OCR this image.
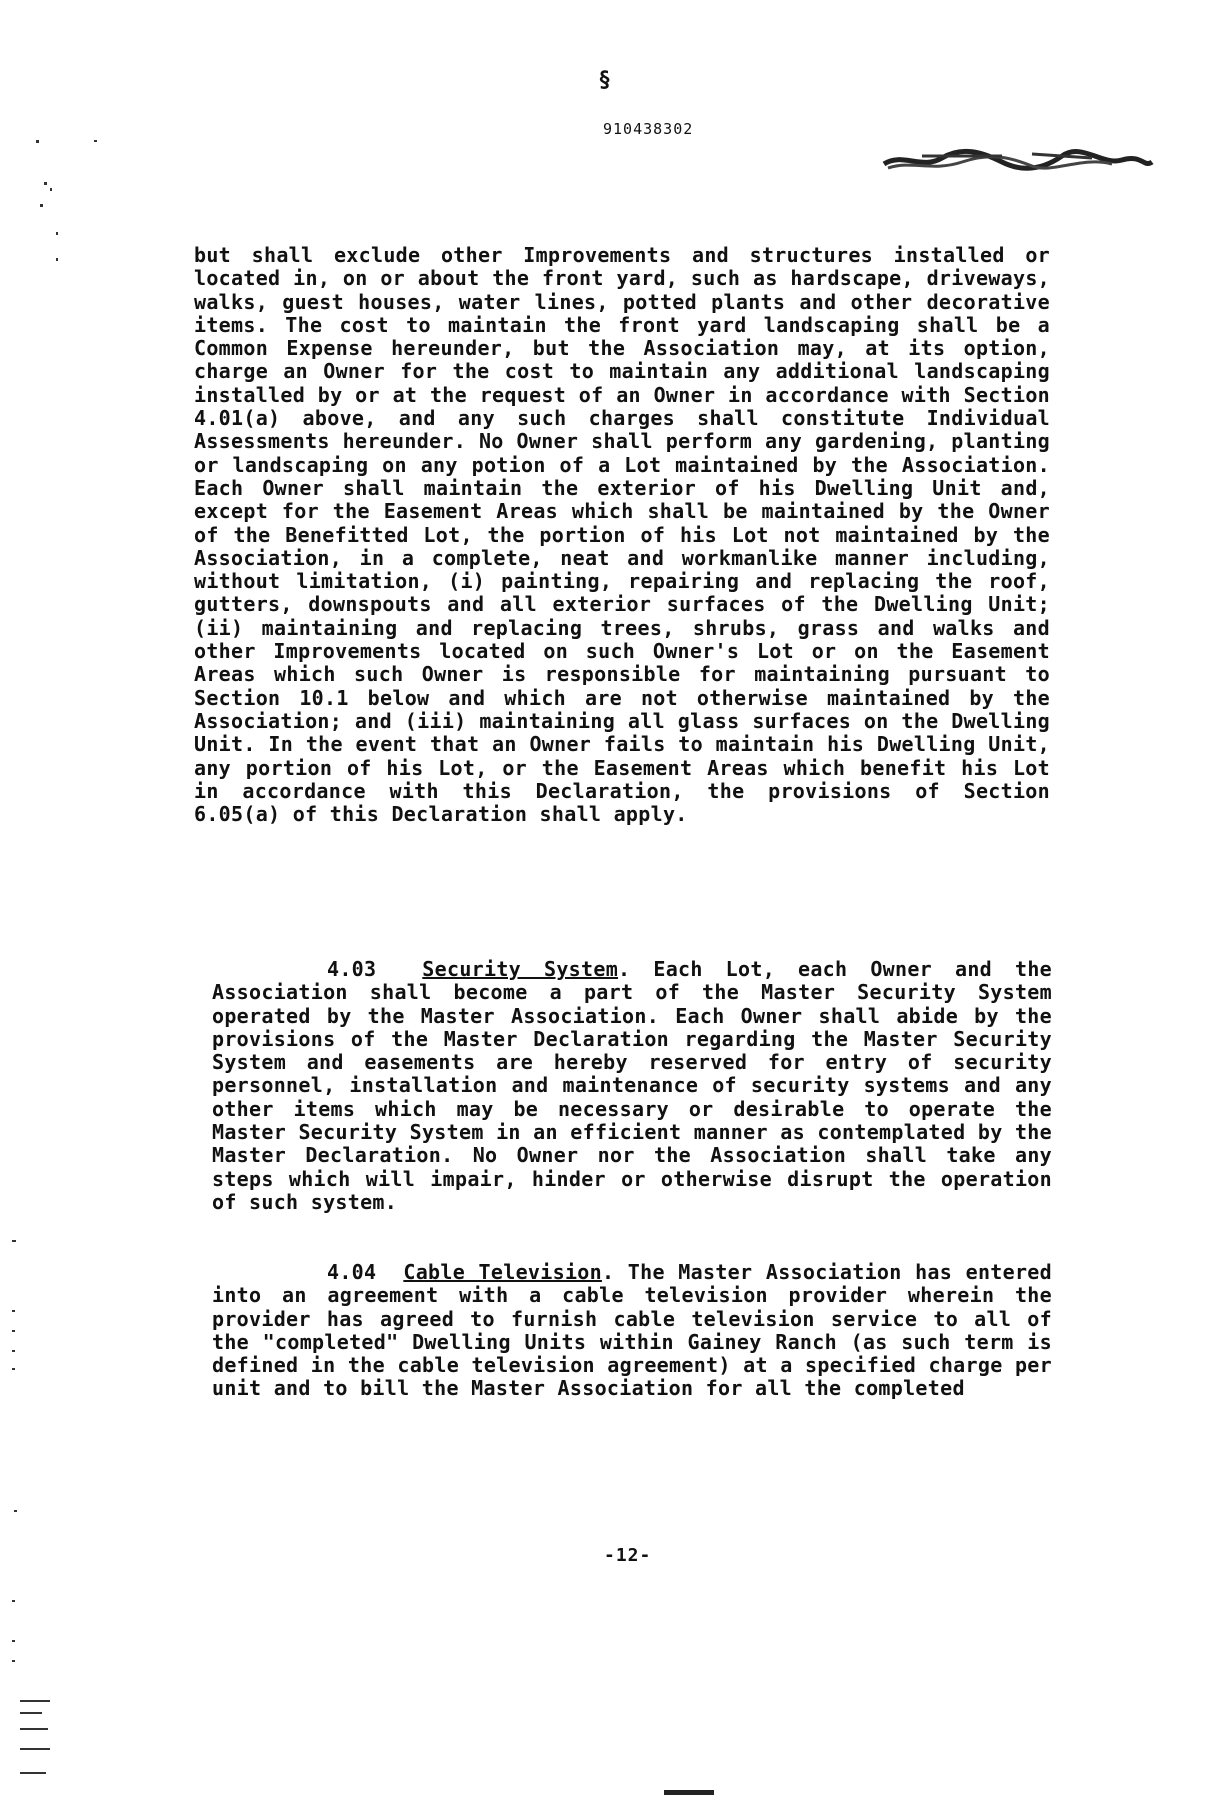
§
910438302
but shall exclude other Improvements and structures installed or located in, on or about the front yard, such as hardscape, driveways, walks, guest houses, water lines, potted plants and other decorative items. The cost to maintain the front yard landscaping shall be a Common Expense hereunder, but the Association may, at its option, charge an Owner for the cost to maintain any additional landscaping installed by or at the request of an Owner in accordance with Section 4.01(a) above, and any such charges shall constitute Individual Assessments hereunder. No Owner shall perform any gardening, planting or landscaping on any potion of a Lot maintained by the Association. Each Owner shall maintain the exterior of his Dwelling Unit and, except for the Easement Areas which shall be maintained by the Owner of the Benefitted Lot, the portion of his Lot not maintained by the Association, in a complete, neat and workmanlike manner including, without limitation, (i) painting, repairing and replacing the roof, gutters, downspouts and all exterior surfaces of the Dwelling Unit; (ii) maintaining and replacing trees, shrubs, grass and walks and other Improvements located on such Owner's Lot or on the Easement Areas which such Owner is responsible for maintaining pursuant to Section 10.1 below and which are not otherwise maintained by the Association; and (iii) maintaining all glass surfaces on the Dwelling Unit. In the event that an Owner fails to maintain his Dwelling Unit, any portion of his Lot, or the Easement Areas which benefit his Lot in accordance with this Declaration, the provisions of Section 6.05(a) of this Declaration shall apply.
4.03 Security System. Each Lot, each Owner and the Association shall become a part of the Master Security System operated by the Master Association. Each Owner shall abide by the provisions of the Master Declaration regarding the Master Security System and easements are hereby reserved for entry of security personnel, installation and maintenance of security systems and any other items which may be necessary or desirable to operate the Master Security System in an efficient manner as contemplated by the Master Declaration. No Owner nor the Association shall take any steps which will impair, hinder or otherwise disrupt the operation of such system.
4.04 Cable Television. The Master Association has entered into an agreement with a cable television provider wherein the provider has agreed to furnish cable television service to all of the "completed" Dwelling Units within Gainey Ranch (as such term is defined in the cable television agreement) at a specified charge per unit and to bill the Master Association for all the completed
-12-
